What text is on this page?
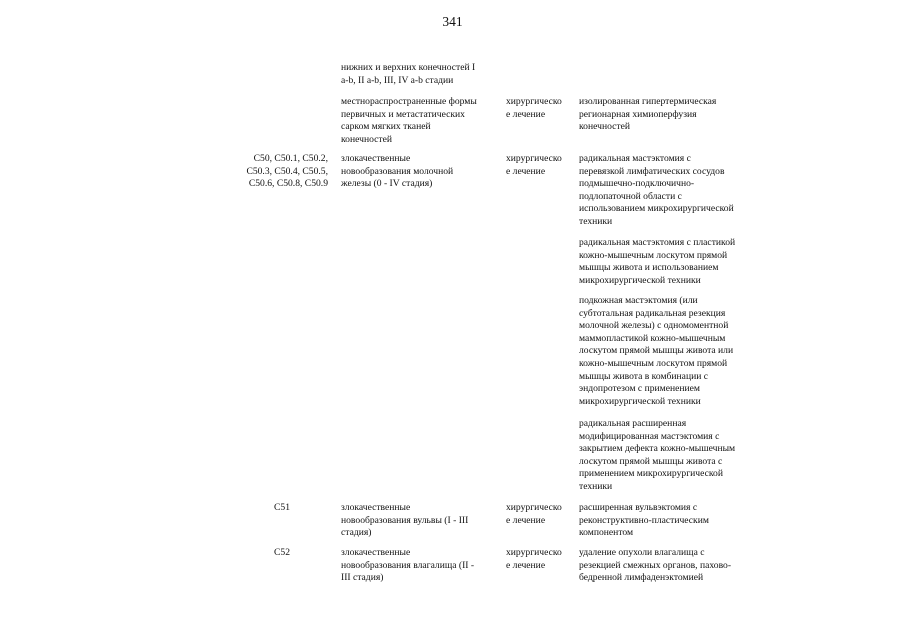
341
нижних и верхних конечностей I
a-b, II a-b, III, IV a-b стадии
местнораспространенные формы
первичных и метастатических
сарком мягких тканей
конечностей
хирургическо
е лечение
изолированная гипертермическая
регионарная химиоперфузия
конечностей
C50, C50.1, C50.2,
C50.3, C50.4, C50.5,
C50.6, C50.8, C50.9
злокачественные
новообразования молочной
железы (0 - IV стадия)
хирургическо
е лечение
радикальная мастэктомия с
перевязкой лимфатических сосудов
подмышечно-подключично-
подлопаточной области с
использованием микрохирургической
техники
радикальная мастэктомия с пластикой
кожно-мышечным лоскутом прямой
мышцы живота и использованием
микрохирургической техники
подкожная мастэктомия (или
субтотальная радикальная резекция
молочной железы) с одномоментной
маммопластикой кожно-мышечным
лоскутом прямой мышцы живота или
кожно-мышечным лоскутом прямой
мышцы живота в комбинации с
эндопротезом с применением
микрохирургической техники
радикальная расширенная
модифицированная мастэктомия с
закрытием дефекта кожно-мышечным
лоскутом прямой мышцы живота с
применением микрохирургической
техники
C51	злокачественные
новообразования вульвы (I - III
стадия)
хирургическо
е лечение
расширенная вульвэктомия с
реконструктивно-пластическим
компонентом
C52	злокачественные
новообразования влагалища (II -
III стадия)
хирургическо
е лечение
удаление опухоли влагалища с
резекцией смежных органов, пахово-
бедренной лимфаденэктомией
